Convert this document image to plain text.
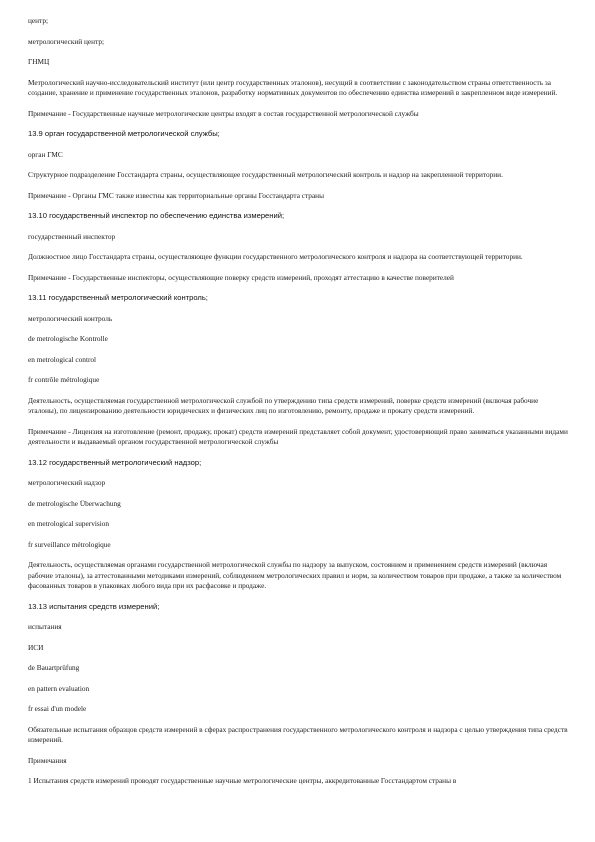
центр;

метрологический центр;

ГНМЦ

Метрологический научно-исследовательский институт (или центр государственных эталонов), несущий в соответствии с законодательством страны ответственность за создание, хранение и применение государственных эталонов, разработку нормативных документов по обеспечению единства измерений в закрепленном виде измерений.

Примечание - Государственные научные метрологические центры входят в состав государственной метрологической службы

13.9 орган государственной метрологической службы;

орган ГМС

Структурное подразделение Госстандарта страны, осуществляющее государственный метрологический контроль и надзор на закрепленной территории.

Примечание - Органы ГМС также известны как территориальные органы Госстандарта страны

13.10 государственный инспектор по обеспечению единства измерений;

государственный инспектор

Должностное лицо Госстандарта страны, осуществляющее функции государственного метрологического контроля и надзора на соответствующей территории.

Примечание - Государственные инспекторы, осуществляющие поверку средств измерений, проходят аттестацию в качестве поверителей

13.11 государственный метрологический контроль;

метрологический контроль

de metrologische Kontrolle

en metrological control

fr contrôle métrologique

Деятельность, осуществляемая государственной метрологической службой по утверждению типа средств измерений, поверке средств измерений (включая рабочие эталоны), по лицензированию деятельности юридических и физических лиц по изготовлению, ремонту, продаже и прокату средств измерений.

Примечание - Лицензия на изготовление (ремонт, продажу, прокат) средств измерений представляет собой документ, удостоверяющий право заниматься указанными видами деятельности и выдаваемый органом государственной метрологической службы

13.12 государственный метрологический надзор;

метрологический надзор

de metrologische Überwachung

en metrological supervision

fr surveillance métrologique

Деятельность, осуществляемая органами государственной метрологической службы по надзору за выпуском, состоянием и применением средств измерений (включая рабочие эталоны), за аттестованными методиками измерений, соблюдением метрологических правил и норм, за количеством товаров при продаже, а также за количеством фасованных товаров в упаковках любого вида при их расфасовке и продаже.

13.13 испытания средств измерений;

испытания

ИСИ

de Bauartprüfung

en pattern evaluation

fr essai d'un modele

Обязательные испытания образцов средств измерений в сферах распространения государственного метрологического контроля и надзора с целью утверждения типа средств измерений.

Примечания

1 Испытания средств измерений проводят государственные научные метрологические центры, аккредитованные Госстандартом страны в
